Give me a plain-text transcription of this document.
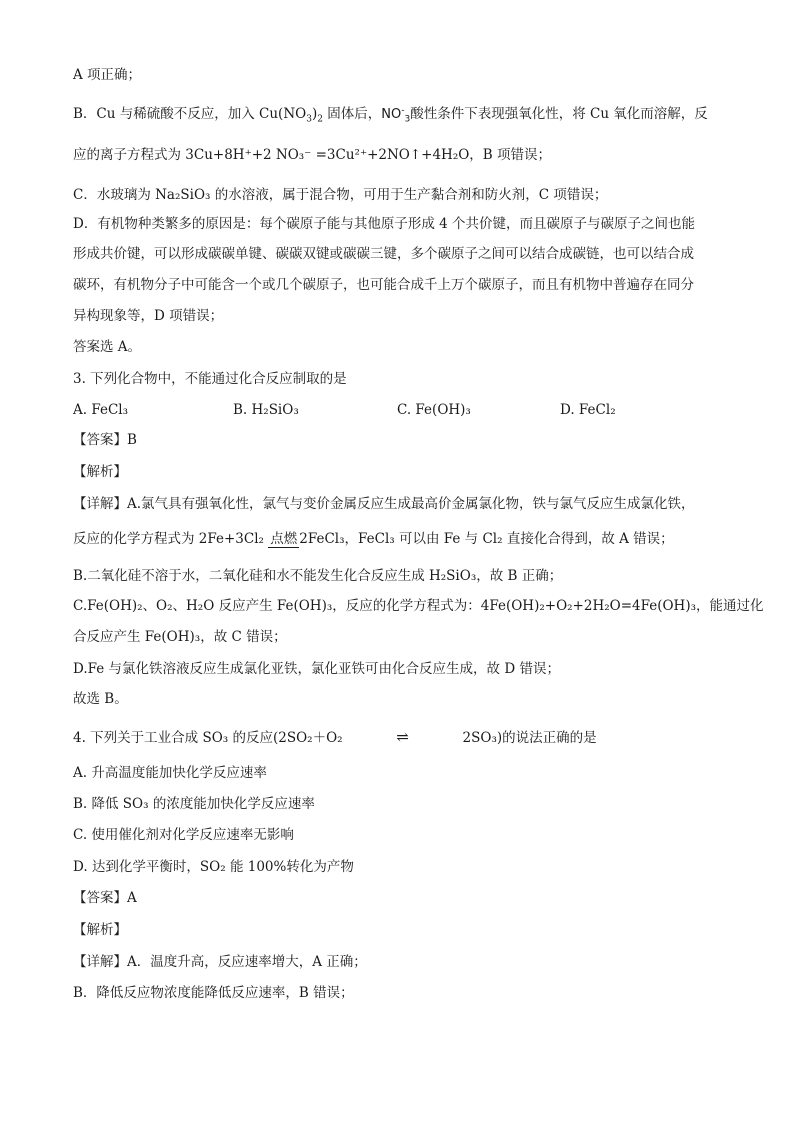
A 项正确；
B．Cu 与稀硫酸不反应，加入 $Cu(NO_3)_2$ 固体后，$NO^-_3$酸性条件下表现强氧化性，将 Cu 氧化而溶解，反
应的离子方程式为 3Cu+8H⁺+2 NO₃⁻ =3Cu²⁺+2NO↑+4H₂O，B 项错误；
C．水玻璃为 Na₂SiO₃ 的水溶液，属于混合物，可用于生产黏合剂和防火剂，C 项错误；
D．有机物种类繁多的原因是：每个碳原子能与其他原子形成 4 个共价键，而且碳原子与碳原子之间也能
形成共价键，可以形成碳碳单键、碳碳双键或碳碳三键，多个碳原子之间可以结合成碳链，也可以结合成
碳环，有机物分子中可能含一个或几个碳原子，也可能合成千上万个碳原子，而且有机物中普遍存在同分
异构现象等，D 项错误；
答案选 A。
3. 下列化合物中，不能通过化合反应制取的是
A. FeCl₃	B. H₂SiO₃	C. Fe(OH)₃	D. FeCl₂
【答案】B
【解析】
【详解】A.氯气具有强氧化性，氯气与变价金属反应生成最高价金属氯化物，铁与氯气反应生成氯化铁，
反应的化学方程式为 2Fe+3Cl₂ 点燃 2FeCl₃，FeCl₃ 可以由 Fe 与 Cl₂ 直接化合得到，故 A 错误；
B.二氧化硅不溶于水，二氧化硅和水不能发生化合反应生成 H₂SiO₃，故 B 正确；
C.Fe(OH)₂、O₂、H₂O 反应产生 Fe(OH)₃，反应的化学方程式为：4Fe(OH)₂+O₂+2H₂O=4Fe(OH)₃，能通过化
合反应产生 Fe(OH)₃，故 C 错误；
D.Fe 与氯化铁溶液反应生成氯化亚铁，氯化亚铁可由化合反应生成，故 D 错误；
故选 B。
4. 下列关于工业合成 SO₃ 的反应(2SO₂＋O₂	⇌	2SO₃)的说法正确的是
A. 升高温度能加快化学反应速率
B. 降低 SO₃ 的浓度能加快化学反应速率
C. 使用催化剂对化学反应速率无影响
D. 达到化学平衡时，SO₂ 能 100%转化为产物
【答案】A
【解析】
【详解】A．温度升高，反应速率增大，A 正确；
B．降低反应物浓度能降低反应速率，B 错误；
